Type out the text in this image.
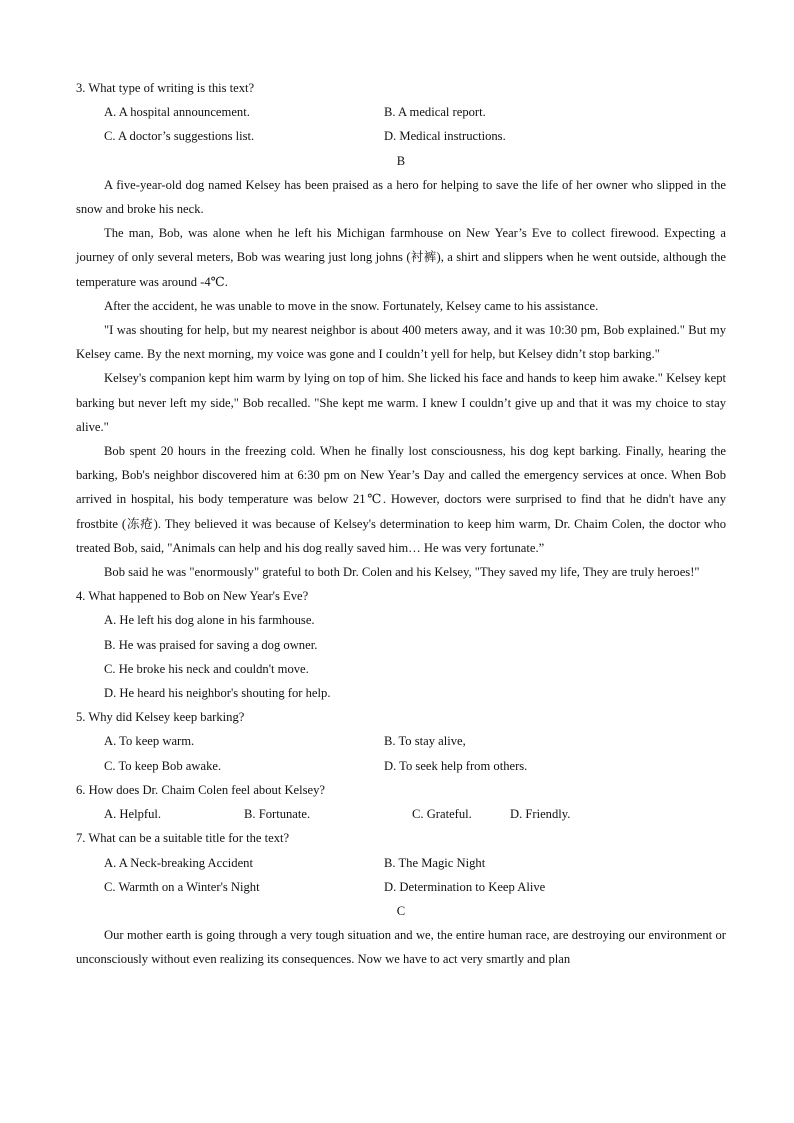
3. What type of writing is this text?

A. A hospital announcement.	B. A medical report.
C. A doctor’s suggestions list.	D. Medical instructions.

B

A five-year-old dog named Kelsey has been praised as a hero for helping to save the life of her owner who slipped in the snow and broke his neck.

The man, Bob, was alone when he left his Michigan farmhouse on New Year’s Eve to collect firewood. Expecting a journey of only several meters, Bob was wearing just long johns (衬裤), a shirt and slippers when he went outside, although the temperature was around -4℃.

After the accident, he was unable to move in the snow. Fortunately, Kelsey came to his assistance.

"I was shouting for help, but my nearest neighbor is about 400 meters away, and it was 10:30 pm, Bob explained." But my Kelsey came. By the next morning, my voice was gone and I couldn’t yell for help, but Kelsey didn’t stop barking."

Kelsey's companion kept him warm by lying on top of him. She licked his face and hands to keep him awake." Kelsey kept barking but never left my side," Bob recalled. "She kept me warm. I knew I couldn’t give up and that it was my choice to stay alive."

Bob spent 20 hours in the freezing cold. When he finally lost consciousness, his dog kept barking. Finally, hearing the barking, Bob's neighbor discovered him at 6:30 pm on New Year’s Day and called the emergency services at once. When Bob arrived in hospital, his body temperature was below 21℃. However, doctors were surprised to find that he didn't have any frostbite (冻疮). They believed it was because of Kelsey's determination to keep him warm, Dr. Chaim Colen, the doctor who treated Bob, said, "Animals can help and his dog really saved him… He was very fortunate.”

Bob said he was "enormously" grateful to both Dr. Colen and his Kelsey, "They saved my life, They are truly heroes!"

4. What happened to Bob on New Year's Eve?

A. He left his dog alone in his farmhouse.
B. He was praised for saving a dog owner.
C. He broke his neck and couldn't move.
D. He heard his neighbor's shouting for help.

5. Why did Kelsey keep barking?

A. To keep warm.	B. To stay alive,
C. To keep Bob awake.	D. To seek help from others.

6. How does Dr. Chaim Colen feel about Kelsey?

A. Helpful.	B. Fortunate.	C. Grateful.	D. Friendly.

7. What can be a suitable title for the text?

A. A Neck-breaking Accident	B. The Magic Night
C. Warmth on a Winter's Night	D. Determination to Keep Alive

C

Our mother earth is going through a very tough situation and we, the entire human race, are destroying our environment or unconsciously without even realizing its consequences. Now we have to act very smartly and plan
